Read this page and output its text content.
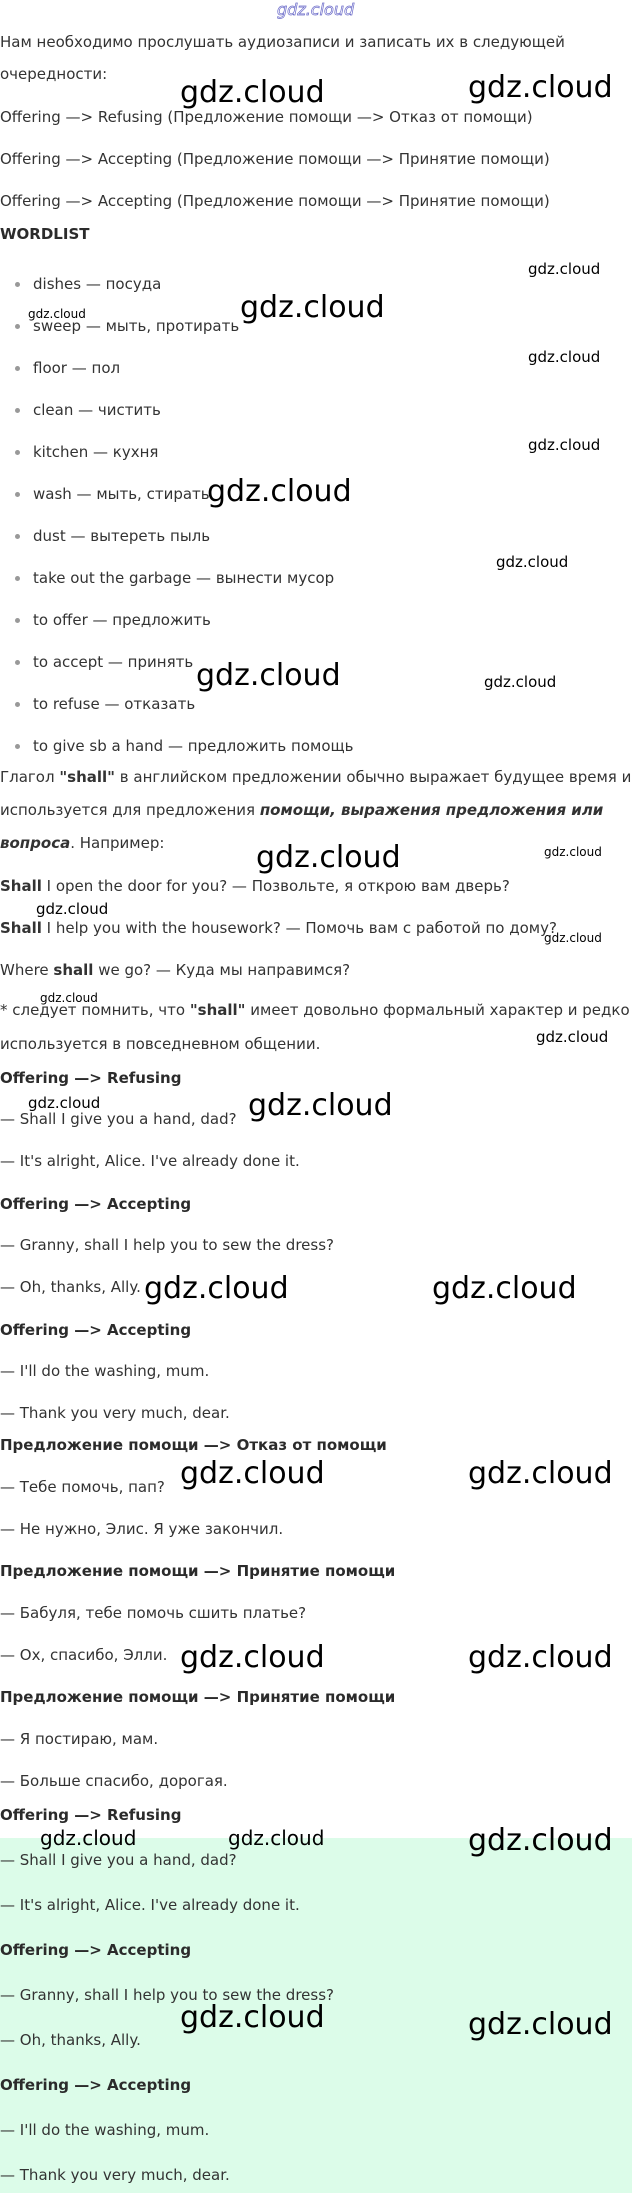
gdz.cloud
Нам необходимо прослушать аудиозаписи и записать их в следующей
очередности:
Offering —> Refusing (Предложение помощи —> Отказ от помощи)
Offering —> Accepting (Предложение помощи —> Принятие помощи)
Offering —> Accepting (Предложение помощи —> Принятие помощи)
WORDLIST
dishes — посуда
sweep — мыть, протирать
floor — пол
clean — чистить
kitchen — кухня
wash — мыть, стирать
dust — вытереть пыль
take out the garbage — вынести мусор
to offer — предложить
to accept — принять
to refuse — отказать
to give sb a hand — предложить помощь
Глагол "shall" в английском предложении обычно выражает будущее время и
используется для предложения помощи, выражения предложения или
вопроса. Например:
Shall I open the door for you? — Позвольте, я открою вам дверь?
Shall I help you with the housework? — Помочь вам с работой по дому?
Where shall we go? — Куда мы направимся?
* следует помнить, что "shall" имеет довольно формальный характер и редко
используется в повседневном общении.
Offering —> Refusing
— Shall I give you a hand, dad?
— It's alright, Alice. I've already done it.
Offering —> Accepting
— Granny, shall I help you to sew the dress?
— Oh, thanks, Ally.
Offering —> Accepting
— I'll do the washing, mum.
— Thank you very much, dear.
Предложение помощи —> Отказ от помощи
— Тебе помочь, пап?
— Не нужно, Элис. Я уже закончил.
Предложение помощи —> Принятие помощи
— Бабуля, тебе помочь сшить платье?
— Ох, спасибо, Элли.
Предложение помощи —> Принятие помощи
— Я постираю, мам.
— Больше спасибо, дорогая.
Offering —> Refusing
— Shall I give you a hand, dad?
— It's alright, Alice. I've already done it.
Offering —> Accepting
— Granny, shall I help you to sew the dress?
— Oh, thanks, Ally.
Offering —> Accepting
— I'll do the washing, mum.
— Thank you very much, dear.
gdz.cloud	gdz.cloud
gdz.cloud
gdz.cloud	gdz.cloud
gdz.cloud
gdz.cloud
gdz.cloud
gdz.cloud
gdz.cloud	gdz.cloud
gdz.cloud	gdz.cloud
gdz.cloud
gdz.cloud
gdz.cloud
gdz.cloud
gdz.cloud	gdz.cloud
gdz.cloud	gdz.cloud
gdz.cloud	gdz.cloud
gdz.cloud	gdz.cloud
gdz.cloud	gdz.cloud	gdz.cloud
gdz.cloud	gdz.cloud
